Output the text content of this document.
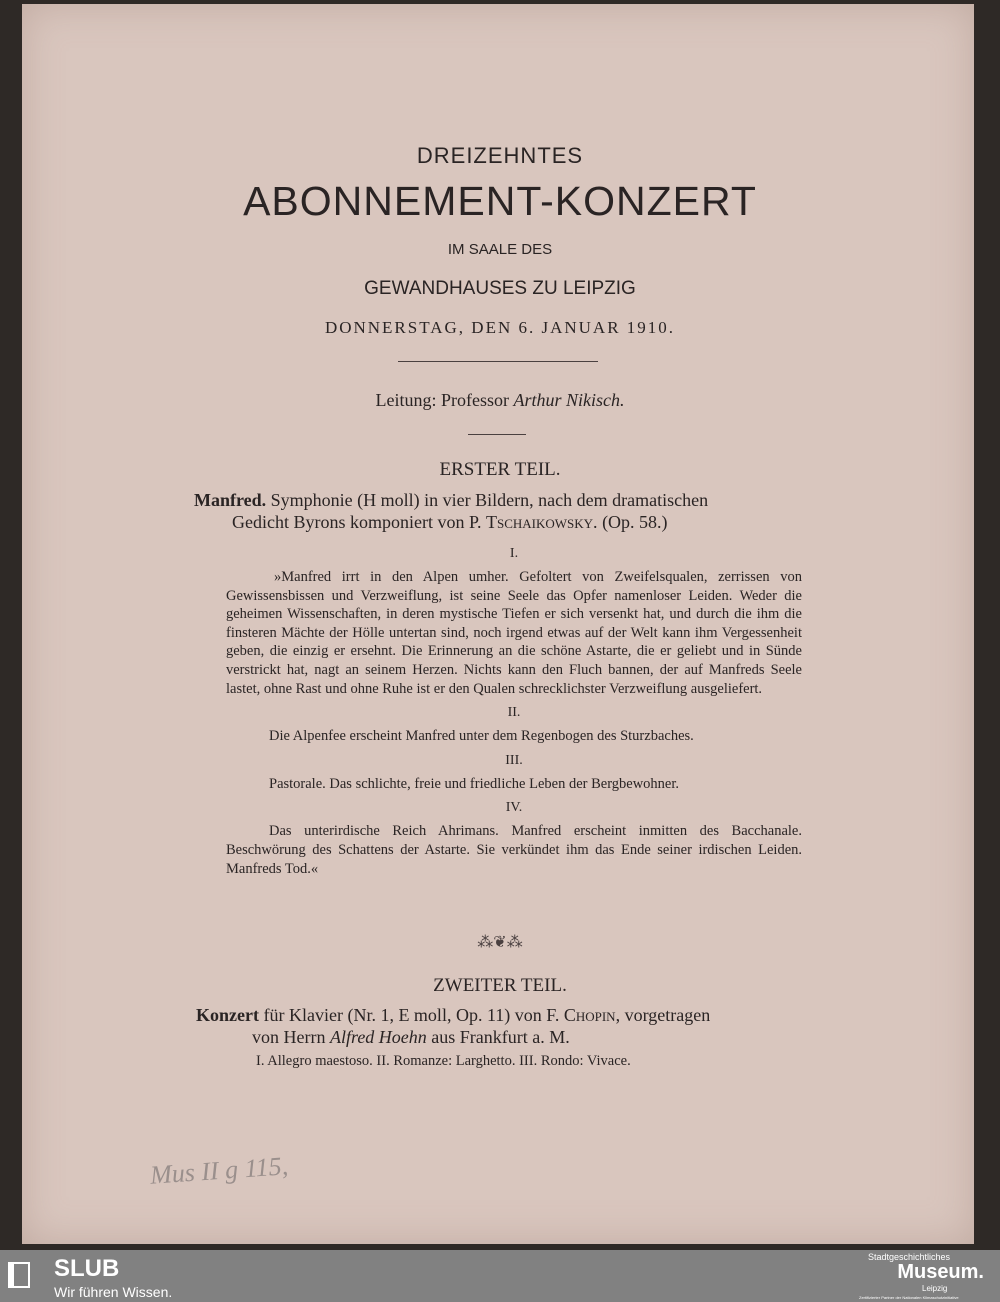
DREIZEHNTES
ABONNEMENT-KONZERT
IM SAALE DES
GEWANDHAUSES ZU LEIPZIG
DONNERSTAG, DEN 6. JANUAR 1910.
Leitung: Professor Arthur Nikisch.
ERSTER TEIL.
Manfred. Symphonie (H moll) in vier Bildern, nach dem dramatischen
Gedicht Byrons komponiert von P. Tschaikowsky. (Op. 58.)
I.
»Manfred irrt in den Alpen umher. Gefoltert von Zweifelsqualen, zerrissen von Gewissensbissen und Verzweiflung, ist seine Seele das Opfer namenloser Leiden. Weder die geheimen Wissenschaften, in deren mystische Tiefen er sich versenkt hat, und durch die ihm die finsteren Mächte der Hölle untertan sind, noch irgend etwas auf der Welt kann ihm Vergessenheit geben, die einzig er ersehnt. Die Erinnerung an die schöne Astarte, die er geliebt und in Sünde verstrickt hat, nagt an seinem Herzen. Nichts kann den Fluch bannen, der auf Manfreds Seele lastet, ohne Rast und ohne Ruhe ist er den Qualen schrecklichster Verzweiflung ausgeliefert.
II.
Die Alpenfee erscheint Manfred unter dem Regenbogen des Sturzbaches.
III.
Pastorale. Das schlichte, freie und friedliche Leben der Bergbewohner.
IV.
Das unterirdische Reich Ahrimans. Manfred erscheint inmitten des Bacchanale. Beschwörung des Schattens der Astarte. Sie verkündet ihm das Ende seiner irdischen Leiden. Manfreds Tod.«
⁂❦⁂
ZWEITER TEIL.
Konzert für Klavier (Nr. 1, E moll, Op. 11) von F. Chopin, vorgetragen
von Herrn Alfred Hoehn aus Frankfurt a. M.
I. Allegro maestoso. II. Romanze: Larghetto. III. Rondo: Vivace.
Mus II g 115,
SLUB
Wir führen Wissen.
Stadtgeschichtliches
Museum.
Leipzig
Zertifizierter Partner der Nationalen Klimaschutzinitiative
